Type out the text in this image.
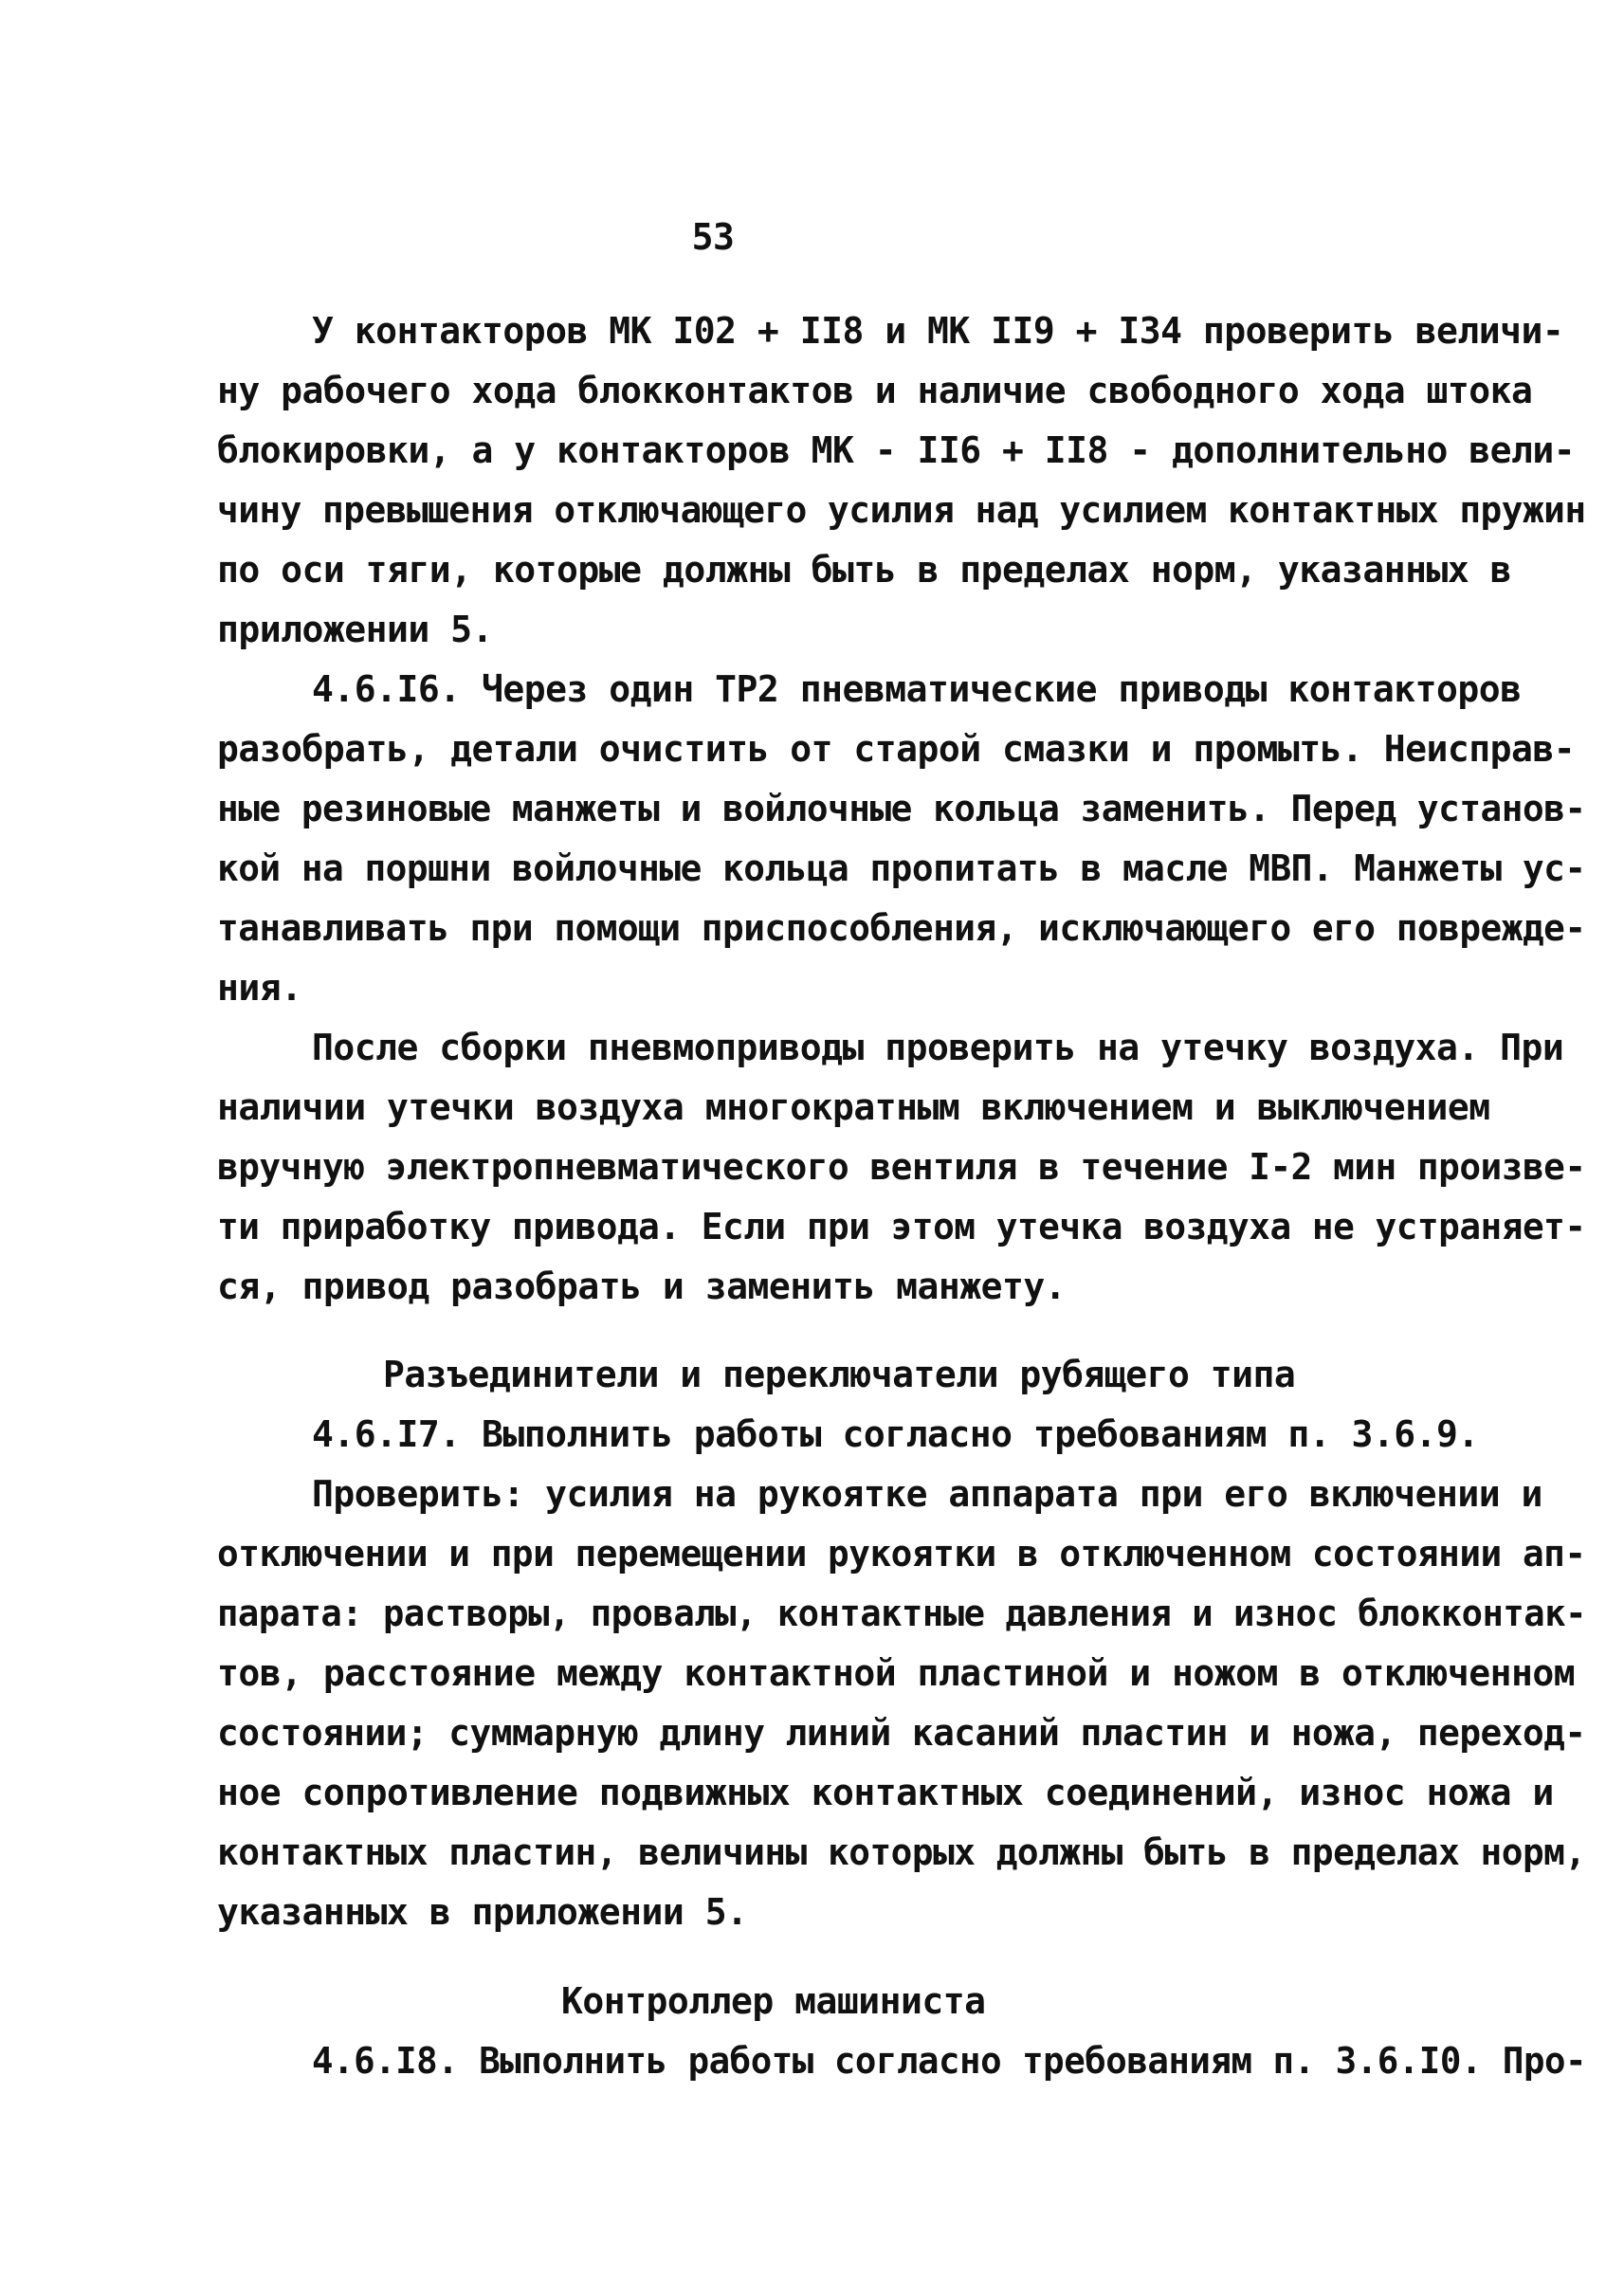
53
У контакторов МК I02 + II8 и МК II9 + I34 проверить величи-
ну рабочего хода блокконтактов и наличие свободного хода штока
блокировки, а у контакторов МК - II6 + II8 - дополнительно вели-
чину превышения отключающего усилия над усилием контактных пружин
по оси тяги, которые должны быть в пределах норм, указанных в
приложении 5.
4.6.I6. Через один ТР2 пневматические приводы контакторов
разобрать, детали очистить от старой смазки и промыть. Неисправ-
ные резиновые манжеты и войлочные кольца заменить. Перед установ-
кой на поршни войлочные кольца пропитать в масле МВП. Манжеты ус-
танавливать при помощи приспособления, исключающего его поврежде-
ния.
После сборки пневмоприводы проверить на утечку воздуха. При
наличии утечки воздуха многократным включением и выключением
вручную электропневматического вентиля в течение I-2 мин произве-
ти приработку привода. Если при этом утечка воздуха не устраняет-
ся, привод разобрать и заменить манжету.
Разъединители и переключатели рубящего типа
4.6.I7. Выполнить работы согласно требованиям п. 3.6.9.
Проверить: усилия на рукоятке аппарата при его включении и
отключении и при перемещении рукоятки в отключенном состоянии ап-
парата: растворы, провалы, контактные давления и износ блокконтак-
тов, расстояние между контактной пластиной и ножом в отключенном
состоянии; суммарную длину линий касаний пластин и ножа, переход-
ное сопротивление подвижных контактных соединений, износ ножа и
контактных пластин, величины которых должны быть в пределах норм,
указанных в приложении 5.
Контроллер машиниста
4.6.I8. Выполнить работы согласно требованиям п. 3.6.I0. Про-
